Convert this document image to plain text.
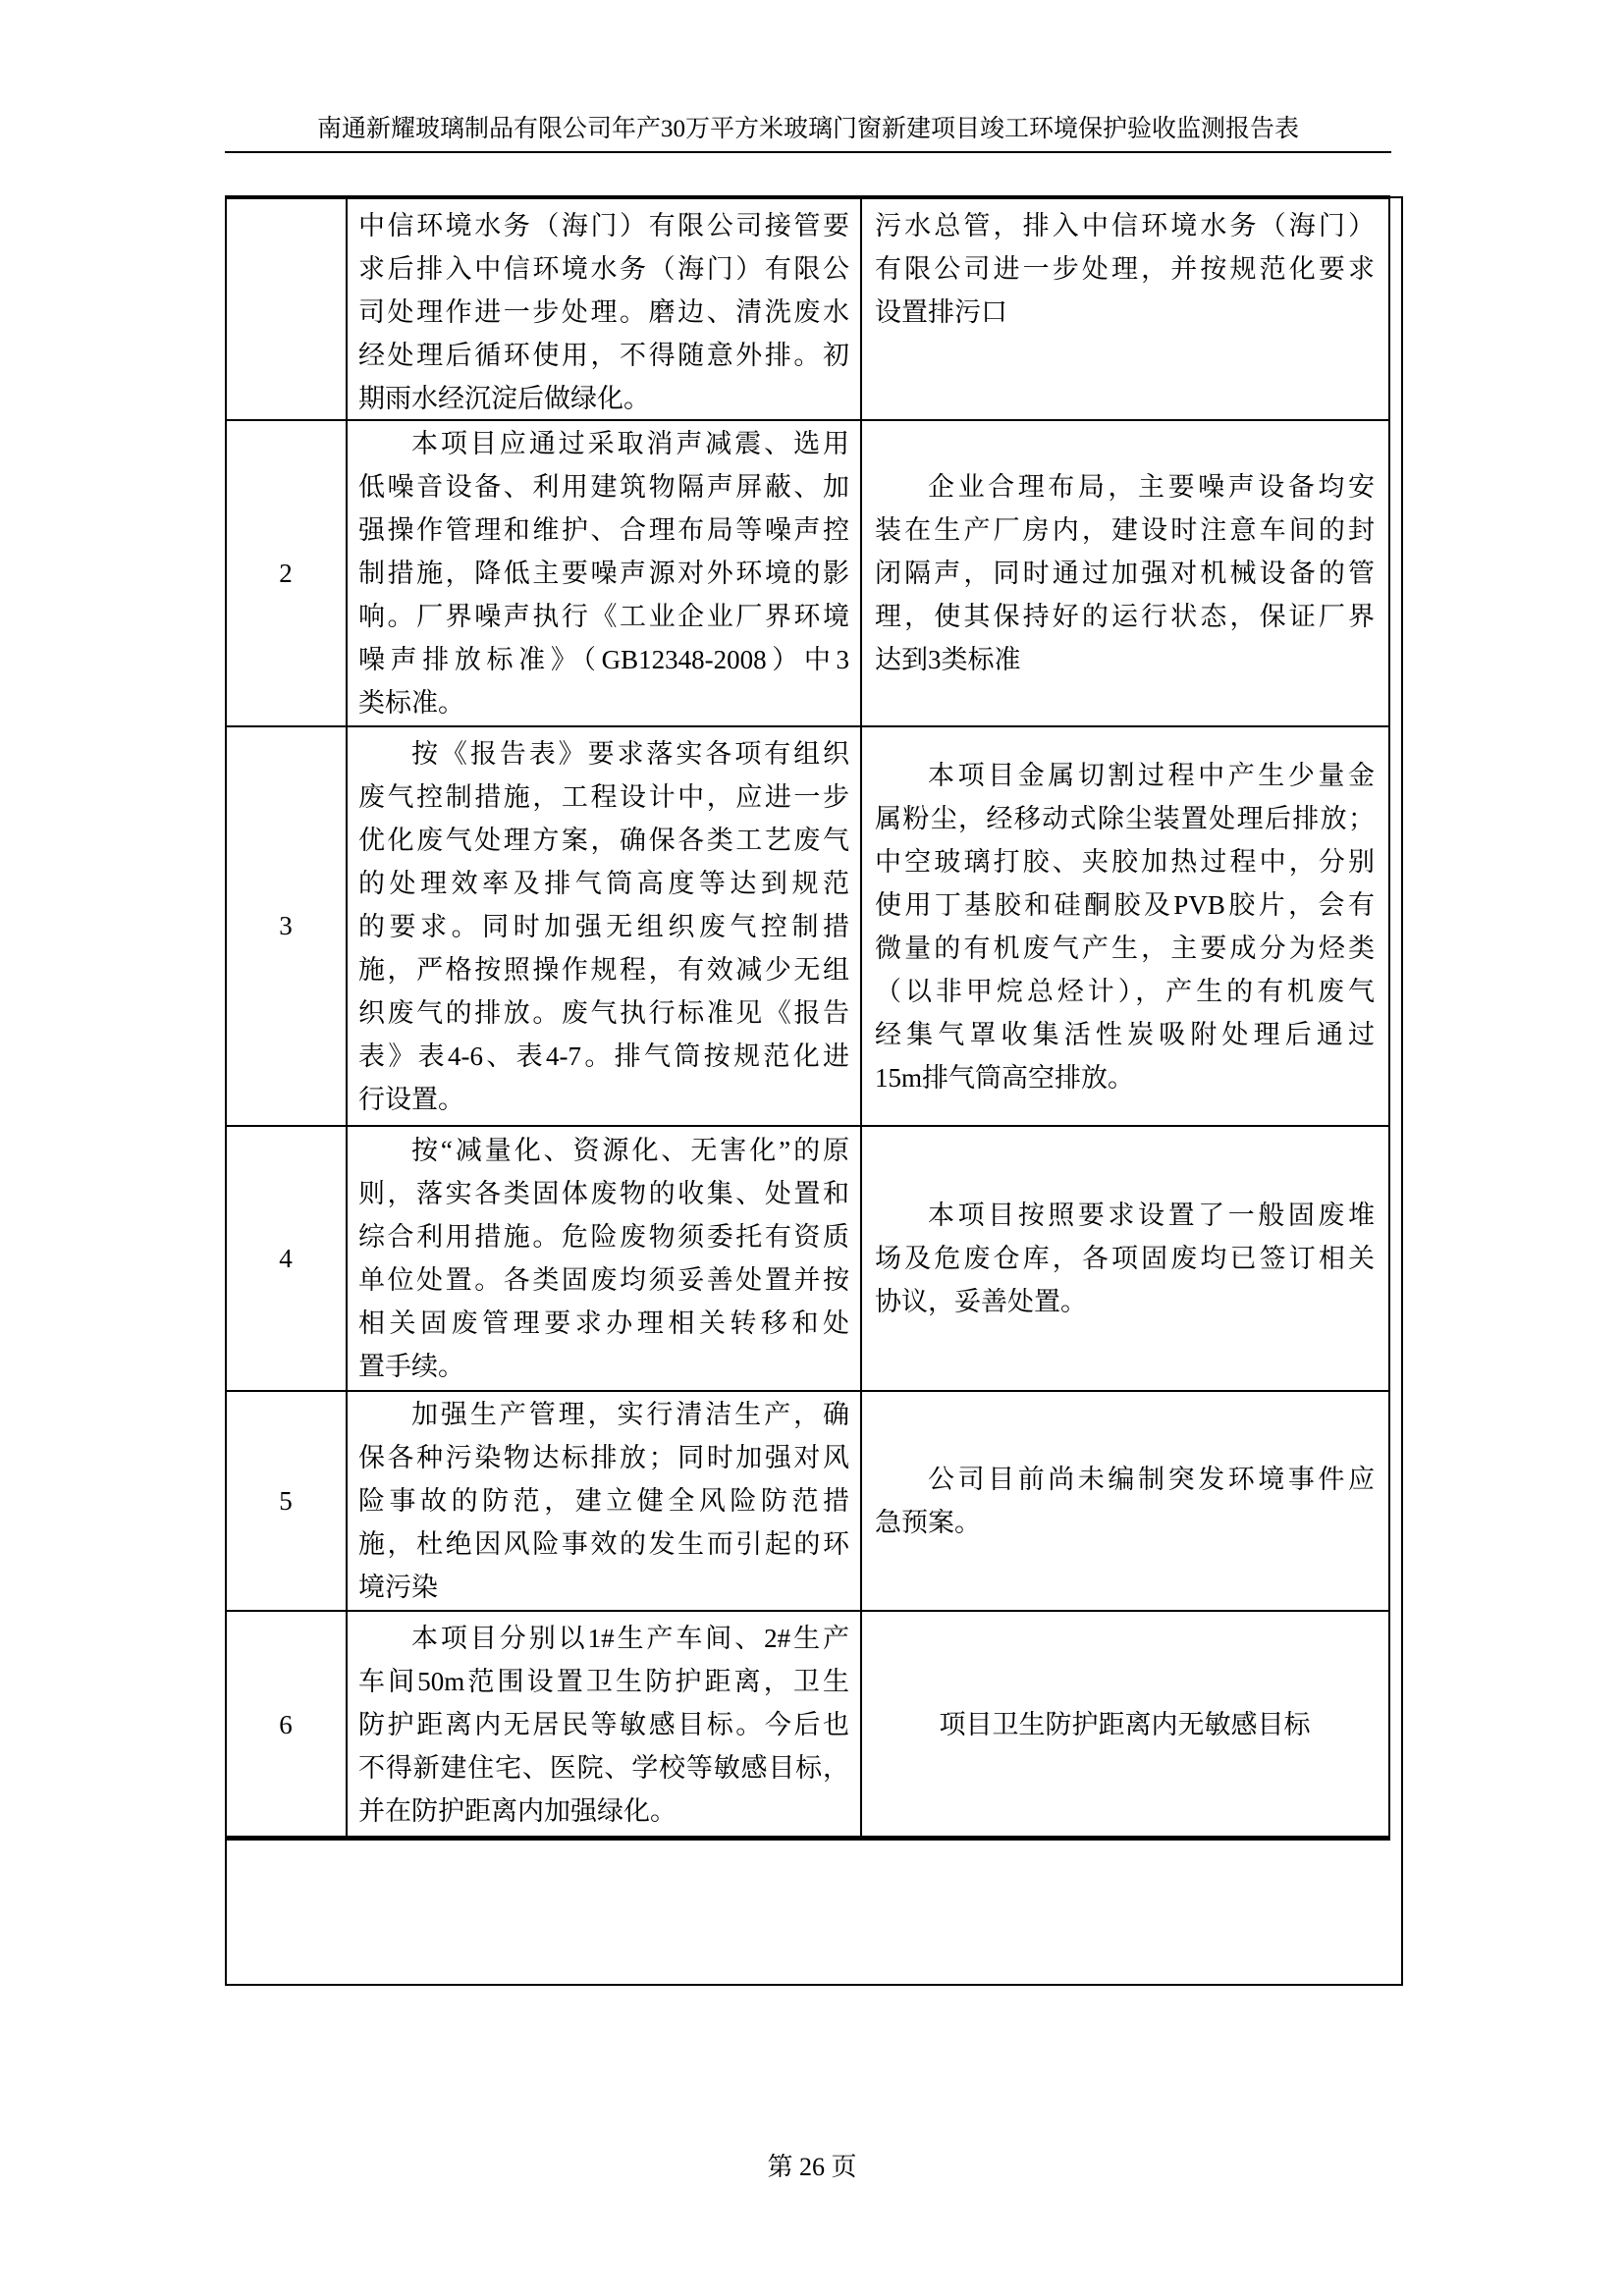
南通新耀玻璃制品有限公司年产30万平方米玻璃门窗新建项目竣工环境保护验收监测报告表
中信环境水务（海门）有限公司接管要
求后排入中信环境水务（海门）有限公
司处理作进一步处理。磨边、清洗废水
经处理后循环使用，不得随意外排。初
期雨水经沉淀后做绿化。
污水总管，排入中信环境水务（海门）
有限公司进一步处理，并按规范化要求
设置排污口
2
本项目应通过采取消声减震、选用
低噪音设备、利用建筑物隔声屏蔽、加
强操作管理和维护、合理布局等噪声控
制措施，降低主要噪声源对外环境的影
响。厂界噪声执行《工业企业厂界环境
噪声排放标准》（GB12348-2008）中3
类标准。
企业合理布局，主要噪声设备均安
装在生产厂房内，建设时注意车间的封
闭隔声，同时通过加强对机械设备的管
理，使其保持好的运行状态，保证厂界
达到3类标准
3
按《报告表》要求落实各项有组织
废气控制措施，工程设计中，应进一步
优化废气处理方案，确保各类工艺废气
的处理效率及排气筒高度等达到规范
的要求。同时加强无组织废气控制措
施，严格按照操作规程，有效减少无组
织废气的排放。废气执行标准见《报告
表》表4-6、表4-7。排气筒按规范化进
行设置。
本项目金属切割过程中产生少量金
属粉尘，经移动式除尘装置处理后排放；
中空玻璃打胶、夹胶加热过程中，分别
使用丁基胶和硅酮胶及PVB胶片，会有
微量的有机废气产生，主要成分为烃类
（以非甲烷总烃计），产生的有机废气
经集气罩收集活性炭吸附处理后通过
15m排气筒高空排放。
4
按“减量化、资源化、无害化”的原
则，落实各类固体废物的收集、处置和
综合利用措施。危险废物须委托有资质
单位处置。各类固废均须妥善处置并按
相关固废管理要求办理相关转移和处
置手续。
本项目按照要求设置了一般固废堆
场及危废仓库，各项固废均已签订相关
协议，妥善处置。
5
加强生产管理，实行清洁生产，确
保各种污染物达标排放；同时加强对风
险事故的防范，建立健全风险防范措
施，杜绝因风险事效的发生而引起的环
境污染
公司目前尚未编制突发环境事件应
急预案。
6
本项目分别以1#生产车间、2#生产
车间50m范围设置卫生防护距离，卫生
防护距离内无居民等敏感目标。今后也
不得新建住宅、医院、学校等敏感目标，
并在防护距离内加强绿化。
项目卫生防护距离内无敏感目标
第 26 页
